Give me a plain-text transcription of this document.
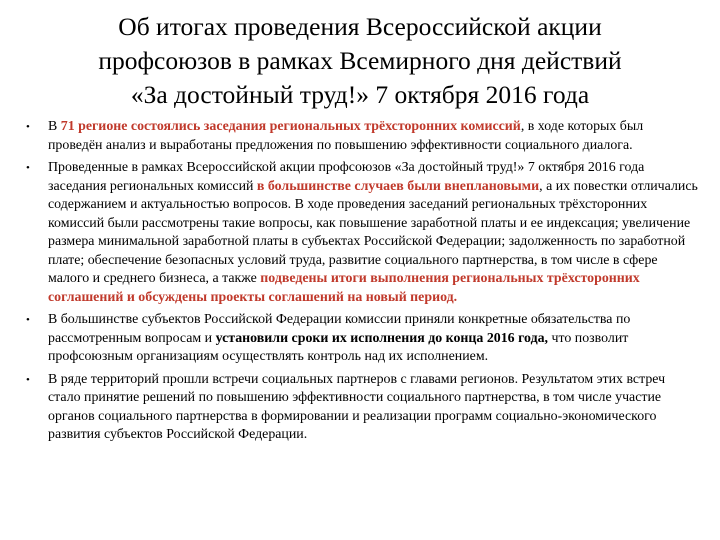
Об итогах проведения Всероссийской акции
профсоюзов в рамках Всемирного дня действий
«За достойный труд!» 7 октября 2016 года
• В 71 регионе состоялись заседания региональных трёхсторонних комиссий, в ходе которых был проведён анализ и выработаны предложения по повышению эффективности социального диалога.
• Проведенные в рамках Всероссийской акции профсоюзов «За достойный труд!» 7 октября 2016 года заседания региональных комиссий в большинстве случаев были внеплановыми, а их повестки отличались содержанием и актуальностью вопросов. В ходе проведения заседаний региональных трёхсторонних комиссий были рассмотрены такие вопросы, как повышение заработной платы и ее индексация; увеличение размера минимальной заработной платы в субъектах Российской Федерации; задолженность по заработной плате; обеспечение безопасных условий труда, развитие социального партнерства, в том числе в сфере малого и среднего бизнеса, а также подведены итоги выполнения региональных трёхсторонних соглашений и обсуждены проекты соглашений на новый период.
• В большинстве субъектов Российской Федерации комиссии приняли конкретные обязательства по рассмотренным вопросам и установили сроки их исполнения до конца 2016 года, что позволит профсоюзным организациям осуществлять контроль над их исполнением.
• В ряде территорий прошли встречи социальных партнеров с главами регионов. Результатом этих встреч стало принятие решений по повышению эффективности социального партнерства, в том числе участие органов социального партнерства в формировании и реализации программ социально-экономического развития субъектов Российской Федерации.
